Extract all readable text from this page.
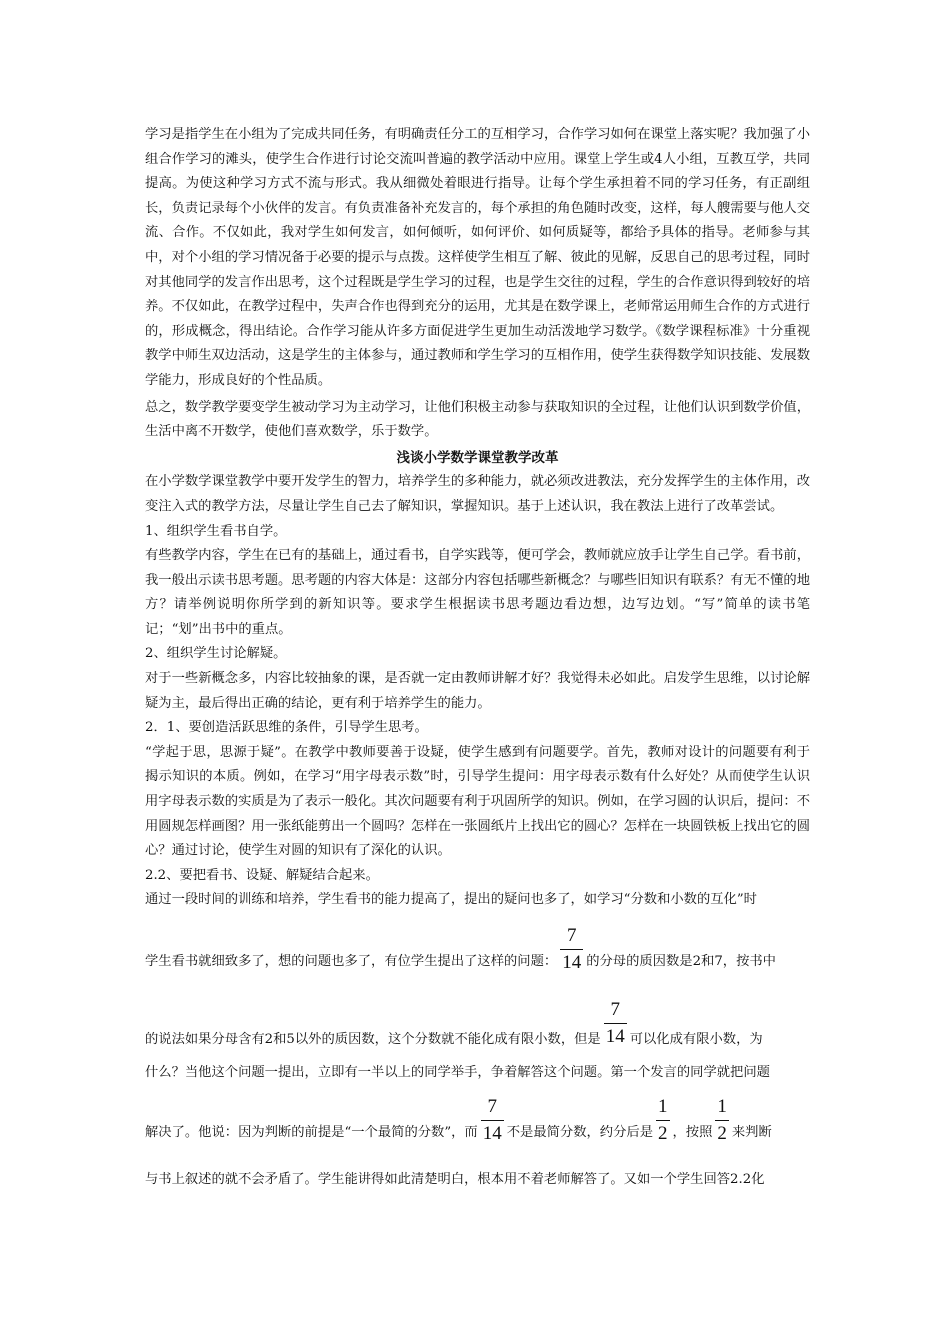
学习是指学生在小组为了完成共同任务，有明确责任分工的互相学习，合作学习如何在课堂上落实呢？我加强了小组合作学习的滩头，使学生合作进行讨论交流叫普遍的教学活动中应用。课堂上学生或4人小组，互教互学，共同提高。为使这种学习方式不流与形式。我从细微处着眼进行指导。让每个学生承担着不同的学习任务，有正副组长，负责记录每个小伙伴的发言。有负责准备补充发言的，每个承担的角色随时改变，这样，每人艘需要与他人交流、合作。不仅如此，我对学生如何发言，如何倾听，如何评价、如何质疑等，都给予具体的指导。老师参与其中，对个小组的学习情况备于必要的提示与点拨。这样使学生相互了解、彼此的见解，反思自己的思考过程，同时对其他同学的发言作出思考，这个过程既是学生学习的过程，也是学生交往的过程，学生的合作意识得到较好的培养。不仅如此，在教学过程中，失声合作也得到充分的运用，尤其是在数学课上，老师常运用师生合作的方式进行的，形成概念，得出结论。合作学习能从许多方面促进学生更加生动活泼地学习数学。《数学课程标准》十分重视教学中师生双边活动，这是学生的主体参与，通过教师和学生学习的互相作用，使学生获得数学知识技能、发展数学能力，形成良好的个性品质。

总之，数学教学要变学生被动学习为主动学习，让他们积极主动参与获取知识的全过程，让他们认识到数学价值，生活中离不开数学，使他们喜欢数学，乐于数学。

浅谈小学数学课堂教学改革

在小学数学课堂教学中要开发学生的智力，培养学生的多种能力，就必须改进教法，充分发挥学生的主体作用，改变注入式的教学方法，尽量让学生自己去了解知识，掌握知识。基于上述认识，我在教法上进行了改革尝试。

1、组织学生看书自学。

有些教学内容，学生在已有的基础上，通过看书，自学实践等，便可学会，教师就应放手让学生自己学。看书前，我一般出示读书思考题。思考题的内容大体是：这部分内容包括哪些新概念？与哪些旧知识有联系？有无不懂的地方？请举例说明你所学到的新知识等。要求学生根据读书思考题边看边想，边写边划。“写”简单的读书笔记；“划”出书中的重点。

2、组织学生讨论解疑。

对于一些新概念多，内容比较抽象的课，是否就一定由教师讲解才好？我觉得未必如此。启发学生思维，以讨论解疑为主，最后得出正确的结论，更有利于培养学生的能力。

2．1、要创造活跃思维的条件，引导学生思考。

“学起于思，思源于疑”。在教学中教师要善于设疑，使学生感到有问题要学。首先，教师对设计的问题要有利于揭示知识的本质。例如，在学习“用字母表示数”时，引导学生提问：用字母表示数有什么好处？从而使学生认识用字母表示数的实质是为了表示一般化。其次问题要有利于巩固所学的知识。例如，在学习圆的认识后，提问：不用圆规怎样画图？用一张纸能剪出一个圆吗？怎样在一张圆纸片上找出它的圆心？怎样在一块圆铁板上找出它的圆心？通过讨论，使学生对圆的知识有了深化的认识。

2.2、要把看书、设疑、解疑结合起来。

通过一段时间的训练和培养，学生看书的能力提高了，提出的疑问也多了，如学习“分数和小数的互化”时

学生看书就细致多了，想的问题也多了，有位学生提出了这样的问题： $\frac{7}{14}$ 的分母的质因数是2和7，按书中
的说法如果分母含有2和5以外的质因数，这个分数就不能化成有限小数，但是 $\frac{7}{14}$ 可以化成有限小数，为

什么？当他这个问题一提出，立即有一半以上的同学举手，争着解答这个问题。第一个发言的同学就把问题

解决了。他说：因为判断的前提是“一个最简的分数”，而 $\frac{7}{14}$ 不是最简分数，约分后是 $\frac{1}{2}$ ，按照 $\frac{1}{2}$ 来判断

与书上叙述的就不会矛盾了。学生能讲得如此清楚明白，根本用不着老师解答了。又如一个学生回答2.2化
